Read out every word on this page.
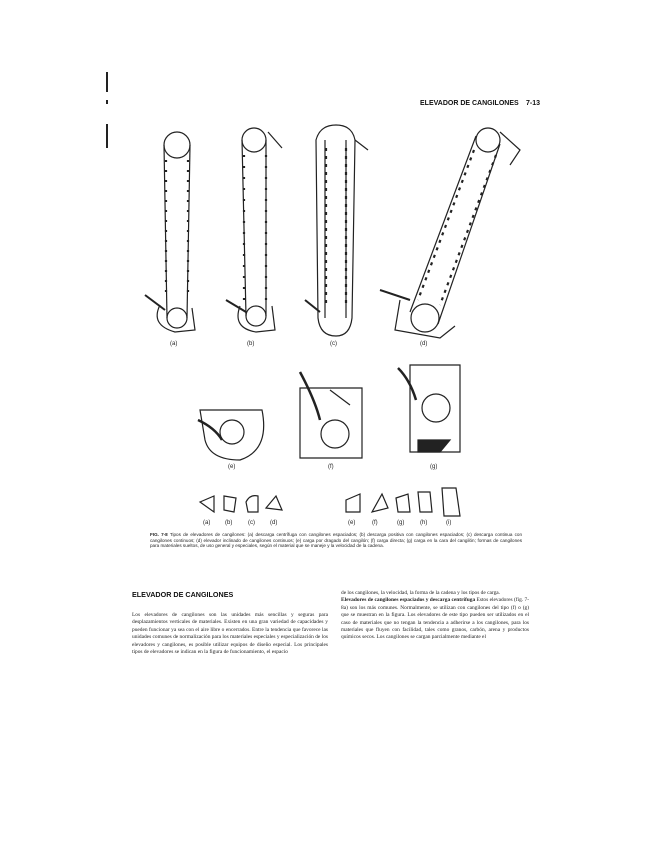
ELEVADOR DE CANGILONES 7-13
(a)	(b)	(c)	(d)
(e)	(f)	(g)
(a) (b)	(c)	(d)	(e)	(f)	(g)	(h)	(i)
FIG. 7-8 Tipos de elevadores de cangilones: (a) descarga centrífuga con cangilones espaciados; (b) descarga positiva con cangilones espaciados; (c) descarga continua con cangilones continuos; (d) elevador inclinado de cangilones continuos; (e) carga por dragado del cangilón; (f) carga directa; (g) carga en la cara del cangilón; formas de cangilones para materiales sueltos, de uso general y especiales, según el material que se maneje y la velocidad de la cadena.
ELEVADOR DE CANGILONES

Los elevadores de cangilones son las unidades más sencillas y seguras para desplazamientos verticales de materiales. Existen en una gran variedad de capacidades y pueden funcionar ya sea con el aire libre o encerrados. Entre la tendencia que favorece las unidades comunes de normalización para los materiales especiales y especialización de los elevadores y cangilones, es posible utilizar equipos de diseño especial. Los principales tipos de elevadores se indican en la figura de funcionamiento, el espacio

de los cangilones, la velocidad, la forma de la cadena y los tipos de carga.

Elevadores de cangilones espaciados y descarga centrífuga Estos elevadores (fig. 7-8a) son los más comunes. Normalmente, se utilizan con cangilones del tipo (f) o (g) que se muestran en la figura. Los elevadores de este tipo pueden ser utilizados en el caso de materiales que no tengan la tendencia a adherirse a los cangilones, para los materiales que fluyen con facilidad, tales como granos, carbón, arena y productos químicos secos. Los cangilones se cargan parcialmente mediante el
